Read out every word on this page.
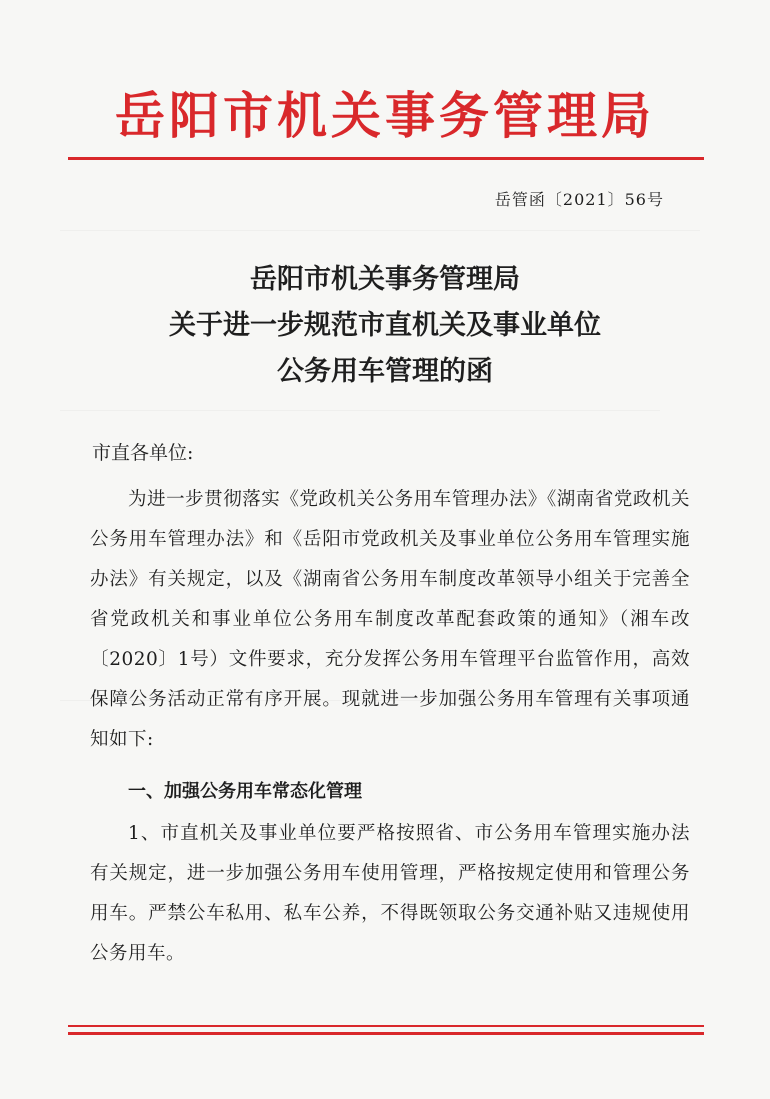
岳阳市机关事务管理局
岳管函〔2021〕56号
岳阳市机关事务管理局
关于进一步规范市直机关及事业单位
公务用车管理的函
市直各单位:
为进一步贯彻落实《党政机关公务用车管理办法》《湖南省党政机关公务用车管理办法》和《岳阳市党政机关及事业单位公务用车管理实施办法》有关规定，以及《湖南省公务用车制度改革领导小组关于完善全省党政机关和事业单位公务用车制度改革配套政策的通知》（湘车改〔2020〕1号）文件要求，充分发挥公务用车管理平台监管作用，高效保障公务活动正常有序开展。现就进一步加强公务用车管理有关事项通知如下:
一、加强公务用车常态化管理
1、市直机关及事业单位要严格按照省、市公务用车管理实施办法有关规定，进一步加强公务用车使用管理，严格按规定使用和管理公务用车。严禁公车私用、私车公养，不得既领取公务交通补贴又违规使用公务用车。
